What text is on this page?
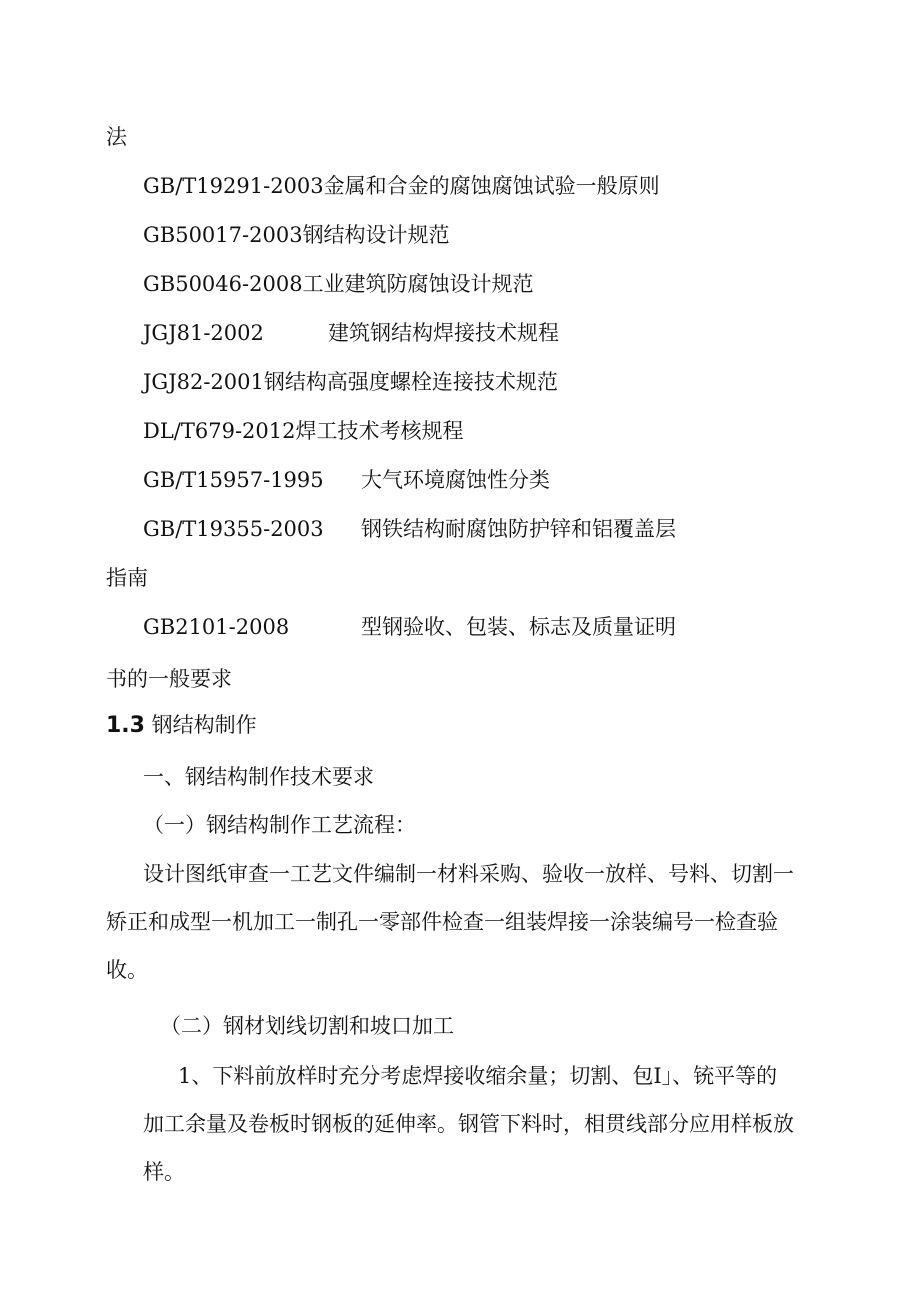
法
GB/T19291-2003金属和合金的腐蚀腐蚀试验一般原则
GB50017-2003钢结构设计规范
GB50046-2008工业建筑防腐蚀设计规范
JGJ81-2002	建筑钢结构焊接技术规程
JGJ82-2001钢结构高强度螺栓连接技术规范
DL/T679-2012焊工技术考核规程
GB/T15957-1995 大气环境腐蚀性分类
GB/T19355-2003 钢铁结构耐腐蚀防护锌和铝覆盖层
指南
GB2101-2008	型钢验收、包装、标志及质量证明
书的一般要求
1.3 钢结构制作
一、钢结构制作技术要求
（一）钢结构制作工艺流程：
设计图纸审查一工艺文件编制一材料采购、验收一放样、号料、切割一
矫正和成型一机加工一制孔一零部件检查一组装焊接一涂装编号一检查验
收。
（二）钢材划线切割和坡口加工
1、下料前放样时充分考虑焊接收缩余量；切割、包I」、铳平等的
加工余量及卷板时钢板的延伸率。钢管下料时，相贯线部分应用样板放
样。
